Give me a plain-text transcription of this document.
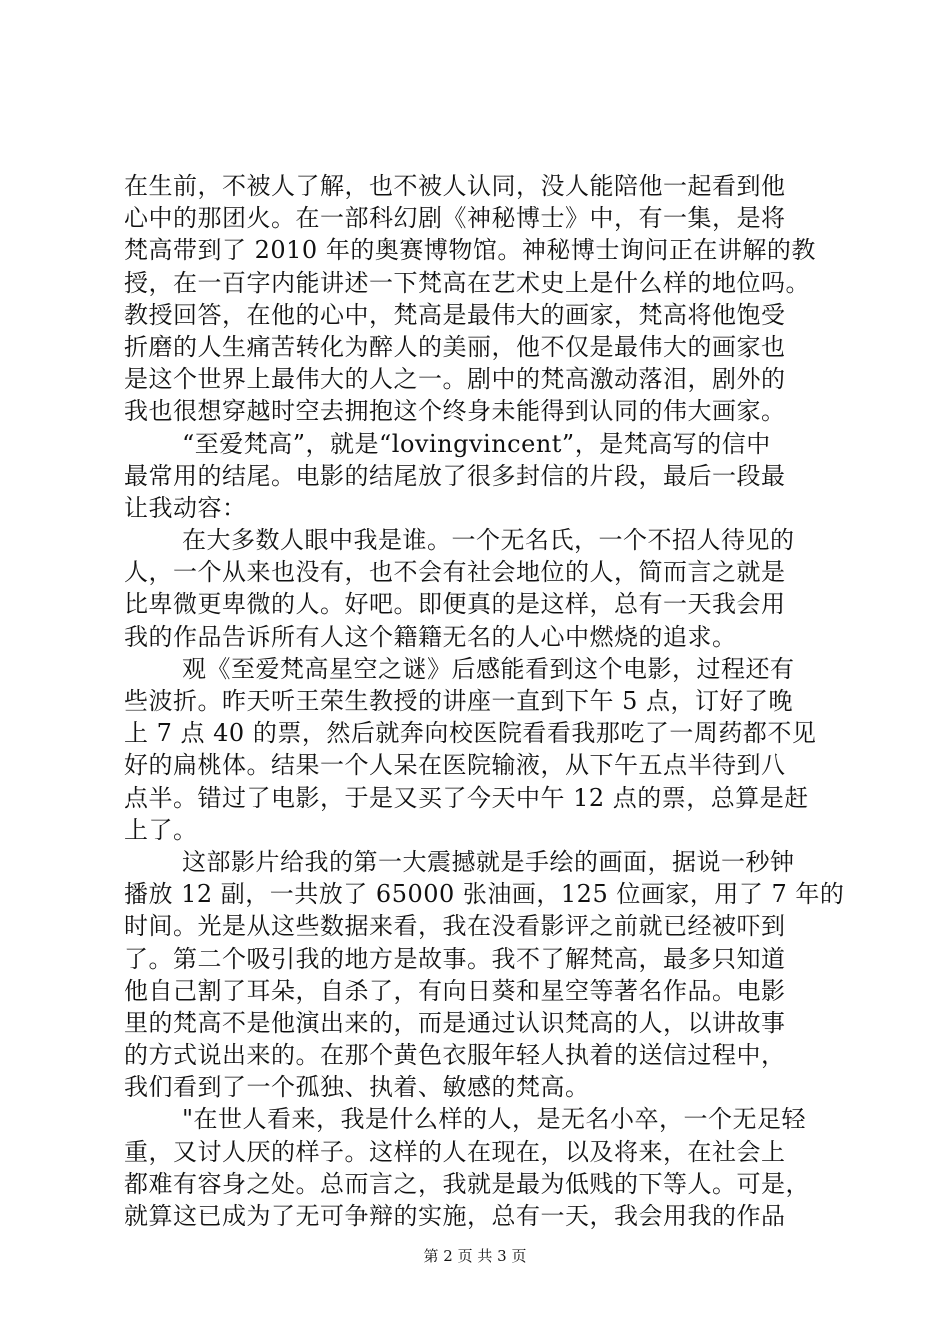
在生前，不被人了解，也不被人认同，没人能陪他一起看到他
心中的那团火。在一部科幻剧《神秘博士》中，有一集，是将
梵高带到了 2010 年的奥赛博物馆。神秘博士询问正在讲解的教
授，在一百字内能讲述一下梵高在艺术史上是什么样的地位吗。
教授回答，在他的心中，梵高是最伟大的画家，梵高将他饱受
折磨的人生痛苦转化为醉人的美丽，他不仅是最伟大的画家也
是这个世界上最伟大的人之一。剧中的梵高激动落泪，剧外的
我也很想穿越时空去拥抱这个终身未能得到认同的伟大画家。
“至爱梵高”，就是“lovingvincent”，是梵高写的信中
最常用的结尾。电影的结尾放了很多封信的片段，最后一段最
让我动容：
在大多数人眼中我是谁。一个无名氏，一个不招人待见的
人，一个从来也没有，也不会有社会地位的人，简而言之就是
比卑微更卑微的人。好吧。即便真的是这样，总有一天我会用
我的作品告诉所有人这个籍籍无名的人心中燃烧的追求。
观《至爱梵高星空之谜》后感能看到这个电影，过程还有
些波折。昨天听王荣生教授的讲座一直到下午 5 点，订好了晚
上 7 点 40 的票，然后就奔向校医院看看我那吃了一周药都不见
好的扁桃体。结果一个人呆在医院输液，从下午五点半待到八
点半。错过了电影，于是又买了今天中午 12 点的票，总算是赶
上了。
这部影片给我的第一大震撼就是手绘的画面，据说一秒钟
播放 12 副，一共放了 65000 张油画，125 位画家，用了 7 年的
时间。光是从这些数据来看，我在没看影评之前就已经被吓到
了。第二个吸引我的地方是故事。我不了解梵高，最多只知道
他自己割了耳朵，自杀了，有向日葵和星空等著名作品。电影
里的梵高不是他演出来的，而是通过认识梵高的人，以讲故事
的方式说出来的。在那个黄色衣服年轻人执着的送信过程中，
我们看到了一个孤独、执着、敏感的梵高。
"在世人看来，我是什么样的人，是无名小卒，一个无足轻
重，又讨人厌的样子。这样的人在现在，以及将来，在社会上
都难有容身之处。总而言之，我就是最为低贱的下等人。可是，
就算这已成为了无可争辩的实施，总有一天，我会用我的作品
第 2 页 共 3 页
